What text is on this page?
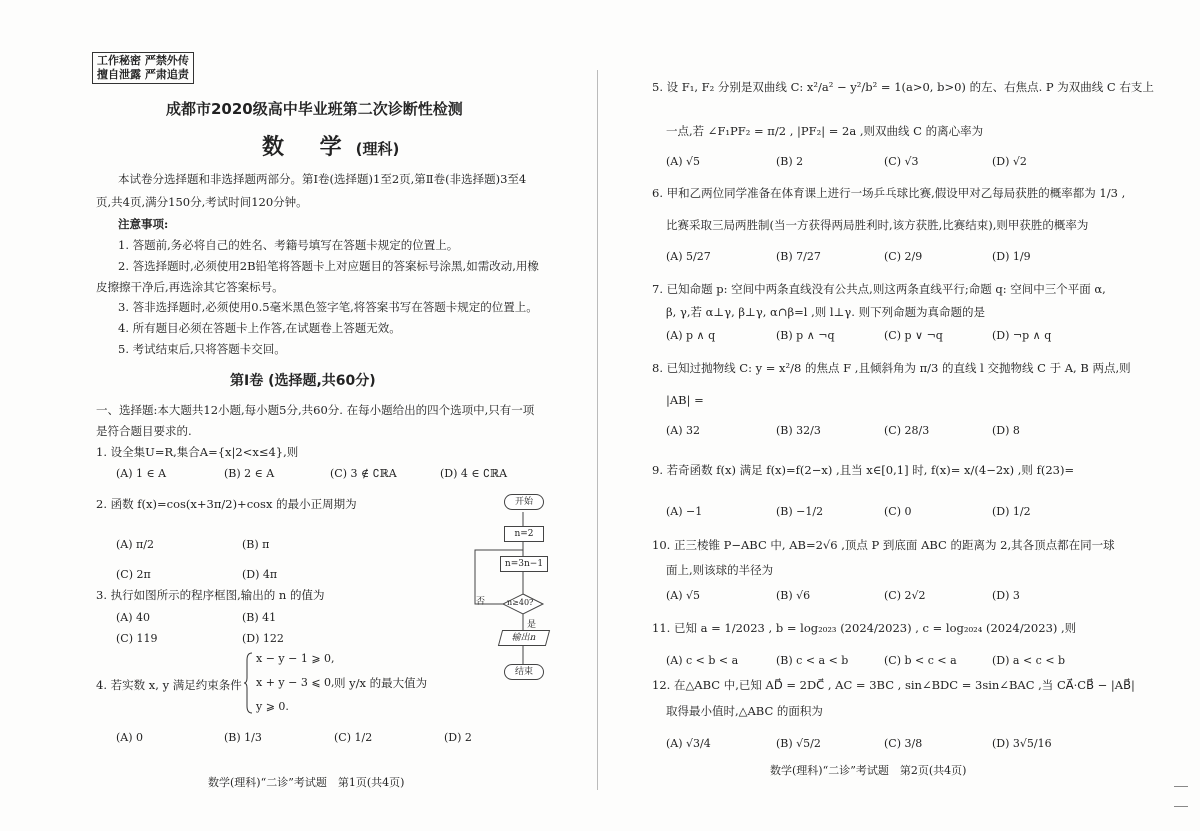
工作秘密 严禁外传
擅自泄露 严肃追责
成都市2020级高中毕业班第二次诊断性检测
数 学(理科)
本试卷分选择题和非选择题两部分。第Ⅰ卷(选择题)1至2页,第Ⅱ卷(非选择题)3至4
页,共4页,满分150分,考试时间120分钟。
注意事项:
1. 答题前,务必将自己的姓名、考籍号填写在答题卡规定的位置上。
2. 答选择题时,必须使用2B铅笔将答题卡上对应题目的答案标号涂黑,如需改动,用橡
皮擦擦干净后,再选涂其它答案标号。
3. 答非选择题时,必须使用0.5毫米黑色签字笔,将答案书写在答题卡规定的位置上。
4. 所有题目必须在答题卡上作答,在试题卷上答题无效。
5. 考试结束后,只将答题卡交回。
第Ⅰ卷 (选择题,共60分)
一、选择题:本大题共12小题,每小题5分,共60分. 在每小题给出的四个选项中,只有一项
是符合题目要求的.
1. 设全集U=R,集合A={x|2<x≤4},则
(A) 1 ∈ A	(B) 2 ∈ A	(C) 3 ∉ ∁ℝA	(D) 4 ∈ ∁ℝA
2. 函数 f(x)=cos(x+3π/2)+cosx 的最小正周期为
(A) π/2	(B) π
(C) 2π	(D) 4π
3. 执行如图所示的程序框图,输出的 n 的值为
(A) 40	(B) 41
(C) 119	(D) 122
4. 若实数 x, y 满足约束条件
x − y − 1 ⩾ 0,
x + y − 3 ⩽ 0,
y ⩾ 0.
则 y/x 的最大值为
(A) 0	(B) 1/3	(C) 1/2	(D) 2
开始
n=2
n=3n−1
n≥40?
否
是
输出n
结束
数学(理科)“二诊”考试题　第1页(共4页)
5. 设 F₁, F₂ 分别是双曲线 C: x²/a² − y²/b² = 1(a>0, b>0) 的左、右焦点. P 为双曲线 C 右支上
一点,若 ∠F₁PF₂ = π/2 , |PF₂| = 2a ,则双曲线 C 的离心率为
(A) √5	(B) 2	(C) √3	(D) √2
6. 甲和乙两位同学准备在体育课上进行一场乒乓球比赛,假设甲对乙每局获胜的概率都为 1/3 ,
比赛采取三局两胜制(当一方获得两局胜利时,该方获胜,比赛结束),则甲获胜的概率为
(A) 5/27	(B) 7/27	(C) 2/9	(D) 1/9
7. 已知命题 p: 空间中两条直线没有公共点,则这两条直线平行;命题 q: 空间中三个平面 α,
β, γ,若 α⊥γ, β⊥γ, α∩β=l ,则 l⊥γ. 则下列命题为真命题的是
(A) p ∧ q	(B) p ∧ ¬q	(C) p ∨ ¬q	(D) ¬p ∧ q
8. 已知过抛物线 C: y = x²/8 的焦点 F ,且倾斜角为 π/3 的直线 l 交抛物线 C 于 A, B 两点,则
|AB| =
(A) 32	(B) 32/3	(C) 28/3	(D) 8
9. 若奇函数 f(x) 满足 f(x)=f(2−x) ,且当 x∈[0,1] 时, f(x)= x/(4−2x) ,则 f(23)=
(A) −1	(B) −1/2	(C) 0	(D) 1/2
10. 正三棱锥 P−ABC 中, AB=2√6 ,顶点 P 到底面 ABC 的距离为 2,其各顶点都在同一球
面上,则该球的半径为
(A) √5	(B) √6	(C) 2√2	(D) 3
11. 已知 a = 1/2023 , b = log₂₀₂₃ (2024/2023) , c = log₂₀₂₄ (2024/2023) ,则
(A) c < b < a	(B) c < a < b	(C) b < c < a	(D) a < c < b
12. 在△ABC 中,已知 AD⃗ = 2DC⃗ , AC = 3BC , sin∠BDC = 3sin∠BAC ,当 CA⃗·CB⃗ − |AB⃗|
取得最小值时,△ABC 的面积为
(A) √3/4	(B) √5/2	(C) 3/8	(D) 3√5/16
数学(理科)“二诊”考试题　第2页(共4页)
